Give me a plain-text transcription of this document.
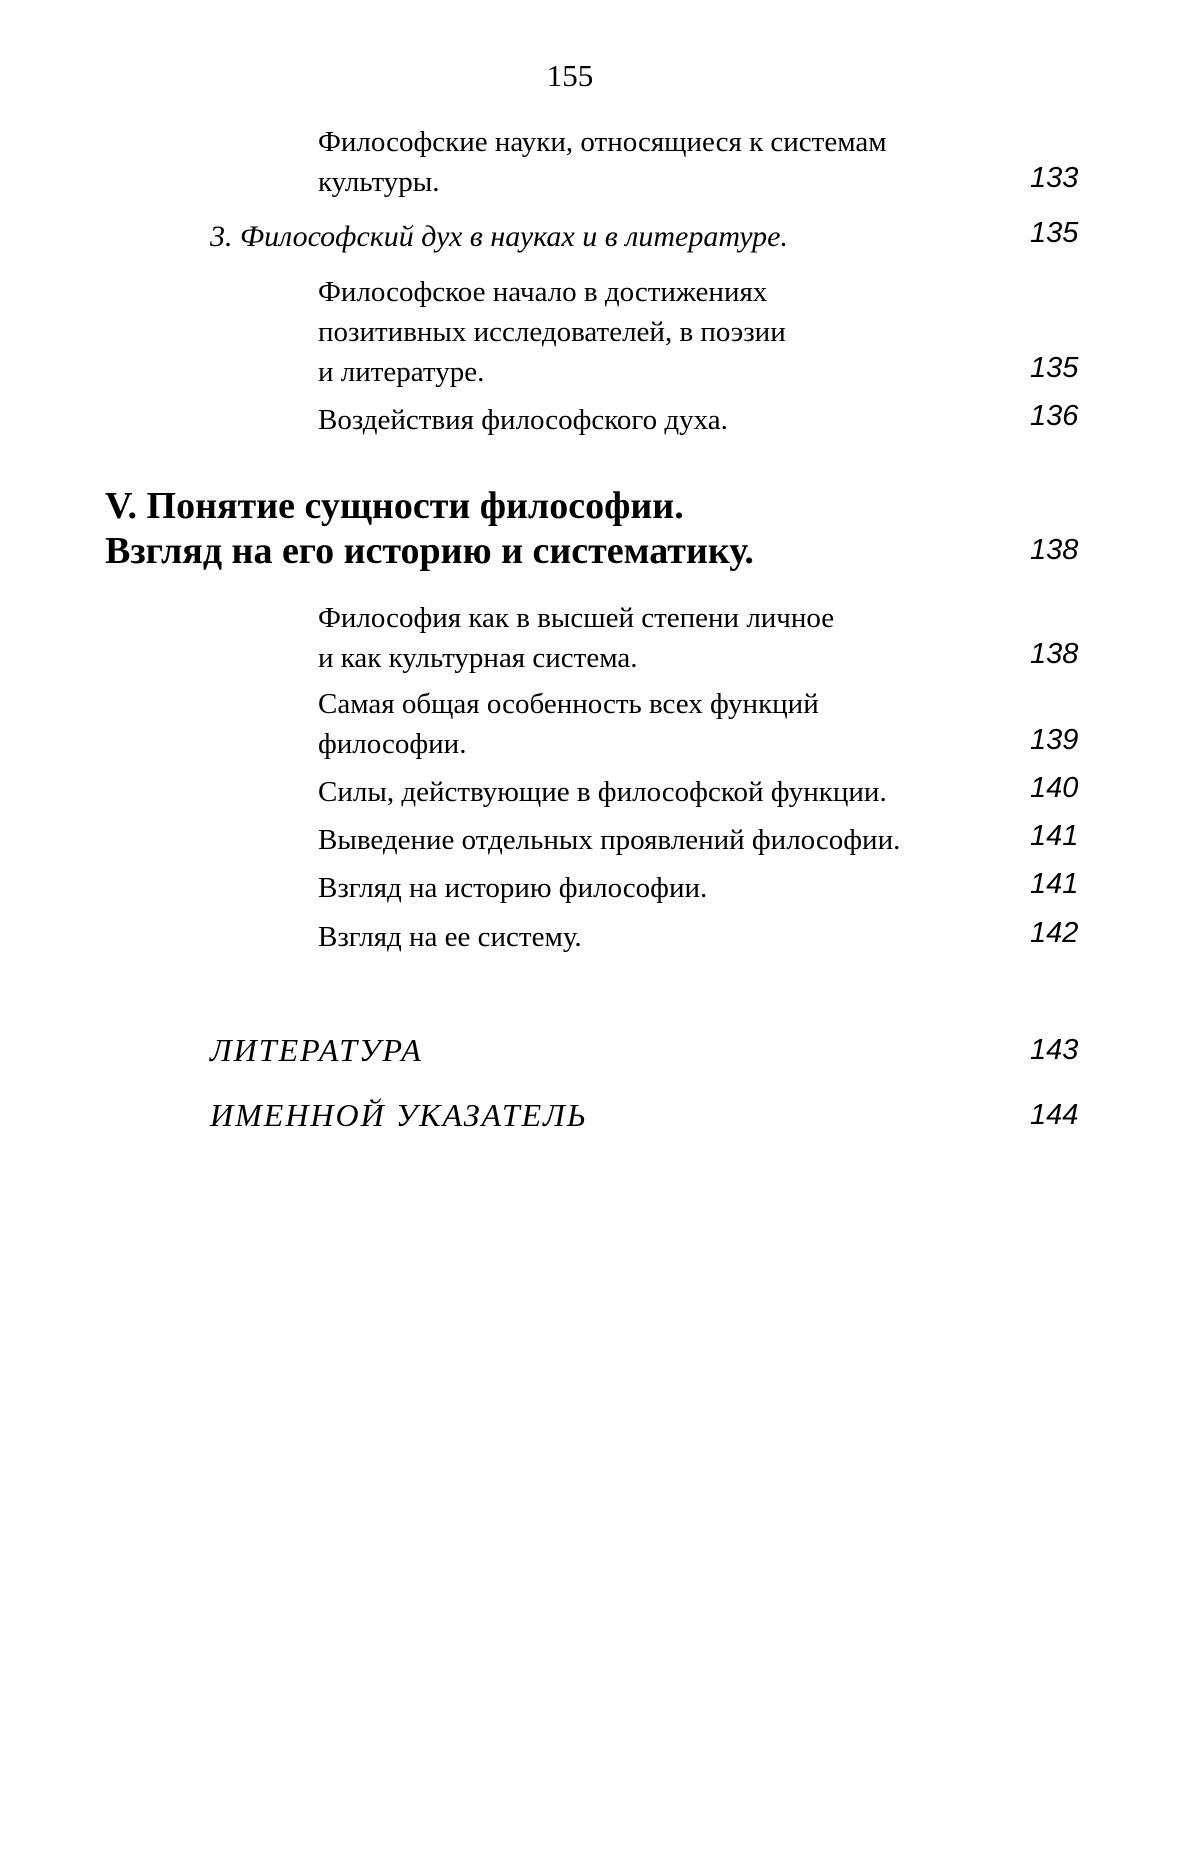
155
Философские науки, относящиеся к системам
культуры.	133
3. Философский дух в науках и в литературе.	135
Философское начало в достижениях
позитивных исследователей, в поэзии
и литературе.	135
Воздействия философского духа.	136
V. Понятие сущности философии.
Взгляд на его историю и систематику.	138
Философия как в высшей степени личное
и как культурная система.	138
Самая общая особенность всех функций
философии.	139
Силы, действующие в философской функции.	140
Выведение отдельных проявлений философии.	141
Взгляд на историю философии.	141
Взгляд на ее систему.	142
ЛИТЕРАТУРА	143
ИМЕННОЙ УКАЗАТЕЛЬ	144
